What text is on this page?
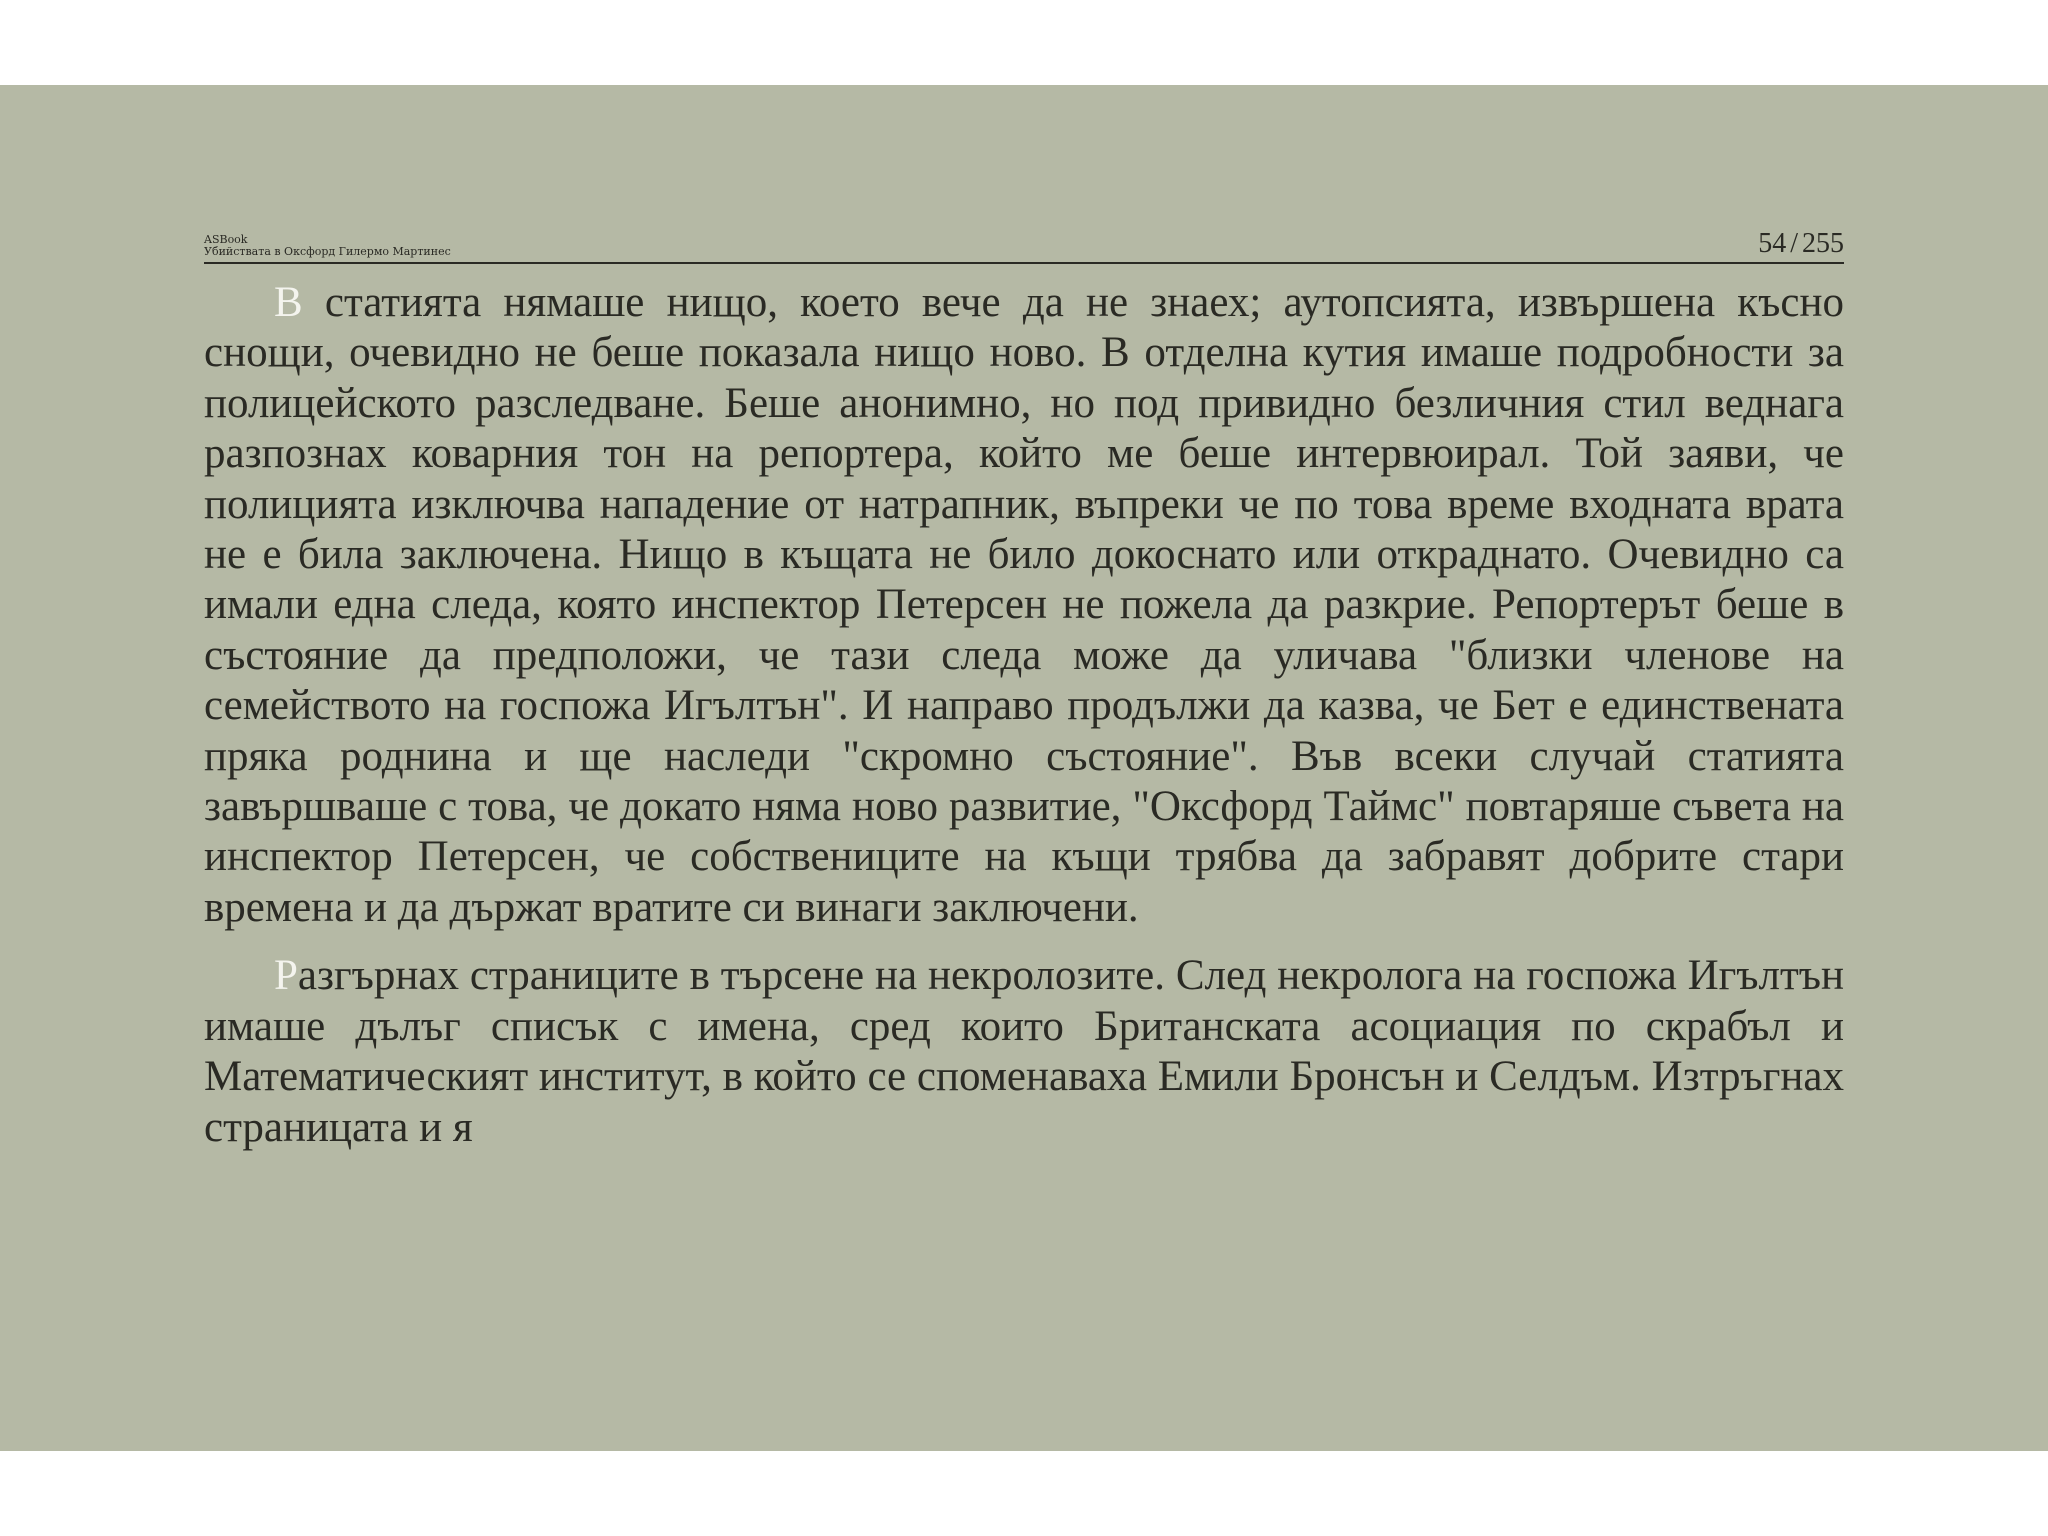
ASBook
Убийствата в Оксфорд Гилермо Мартинес	54 / 255

В статията нямаше нищо, което вече да не знаех; аутопсията, извършена късно снощи, очевидно не беше показала нищо ново. В отделна кутия имаше подробности за полицейското разследване. Беше анонимно, но под привидно безличния стил веднага разпознах коварния тон на репортера, който ме беше интервюирал. Той заяви, че полицията изключва нападение от натрапник, въпреки че по това време входната врата не е била заключена. Нищо в къщата не било докоснато или откраднато. Очевидно са имали една следа, която инспектор Петерсен не пожела да разкрие. Репортерът беше в състояние да предположи, че тази следа може да уличава "близки членове на семейството на госпожа Игълтън". И направо продължи да казва, че Бет е единствената пряка роднина и ще наследи "скромно състояние". Във всеки случай статията завършваше с това, че докато няма ново развитие, "Оксфорд Таймс" повтаряше съвета на инспектор Петерсен, че собствениците на къщи трябва да забравят добрите стари времена и да държат вратите си винаги заключени.

Разгърнах страниците в търсене на некролозите. След некролога на госпожа Игълтън имаше дълъг списък с имена, сред които Британската асоциация по скрабъл и Математическият институт, в който се споменаваха Емили Бронсън и Селдъм. Изтръгнах страницата и я
